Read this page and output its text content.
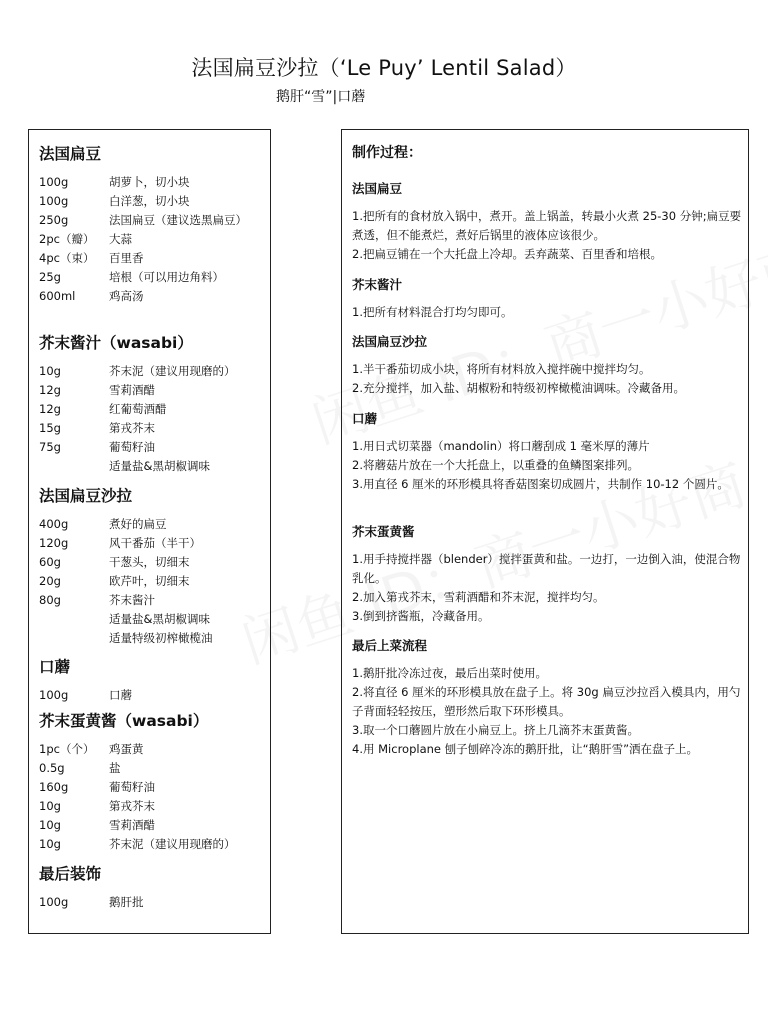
法国扁豆沙拉（‘Le Puy’ Lentil Salad）
鹅肝“雪”|口蘑
法国扁豆
100g	胡萝卜，切小块
100g	白洋葱，切小块
250g	法国扁豆（建议选黑扁豆）
2pc（瓣）	大蒜
4pc（束）	百里香
25g	培根（可以用边角料）
600ml	鸡高汤
芥末酱汁（wasabi）
10g	芥末泥（建议用现磨的）
12g	雪莉酒醋
12g	红葡萄酒醋
15g	第戎芥末
75g	葡萄籽油
适量盐&黑胡椒调味
法国扁豆沙拉
400g	煮好的扁豆
120g	风干番茄（半干）
60g	干葱头，切细末
20g	欧芹叶，切细末
80g	芥末酱汁
适量盐&黑胡椒调味
适量特级初榨橄榄油
口蘑
100g	口蘑
芥末蛋黄酱（wasabi）
1pc（个）	鸡蛋黄
0.5g	盐
160g	葡萄籽油
10g	第戎芥末
10g	雪莉酒醋
10g	芥末泥（建议用现磨的）
最后装饰
100g	鹅肝批
制作过程：
法国扁豆

1.把所有的食材放入锅中，煮开。盖上锅盖，转最小火煮 25-30 分钟;扁豆要煮透，但不能煮烂，煮好后锅里的液体应该很少。

2.把扁豆铺在一个大托盘上冷却。丢弃蔬菜、百里香和培根。

芥末酱汁

1.把所有材料混合打均匀即可。

法国扁豆沙拉

1.半干番茄切成小块，将所有材料放入搅拌碗中搅拌均匀。

2.充分搅拌，加入盐、胡椒粉和特级初榨橄榄油调味。冷藏备用。

口蘑

1.用日式切菜器（mandolin）将口蘑刮成 1 毫米厚的薄片

2.将蘑菇片放在一个大托盘上，以重叠的鱼鳞图案排列。

3.用直径 6 厘米的环形模具将香菇图案切成圆片，共制作 10-12 个圆片。

芥末蛋黄酱

1.用手持搅拌器（blender）搅拌蛋黄和盐。一边打，一边倒入油，使混合物乳化。

2.加入第戎芥末，雪莉酒醋和芥末泥，搅拌均匀。

3.倒到挤酱瓶，冷藏备用。

最后上菜流程

1.鹅肝批冷冻过夜，最后出菜时使用。

2.将直径 6 厘米的环形模具放在盘子上。将 30g 扁豆沙拉舀入模具内，用勺子背面轻轻按压，塑形然后取下环形模具。

3.取一个口蘑圆片放在小扁豆上。挤上几滴芥末蛋黄酱。

4.用 Microplane 刨子刨碎冷冻的鹅肝批，让“鹅肝雪”洒在盘子上。
